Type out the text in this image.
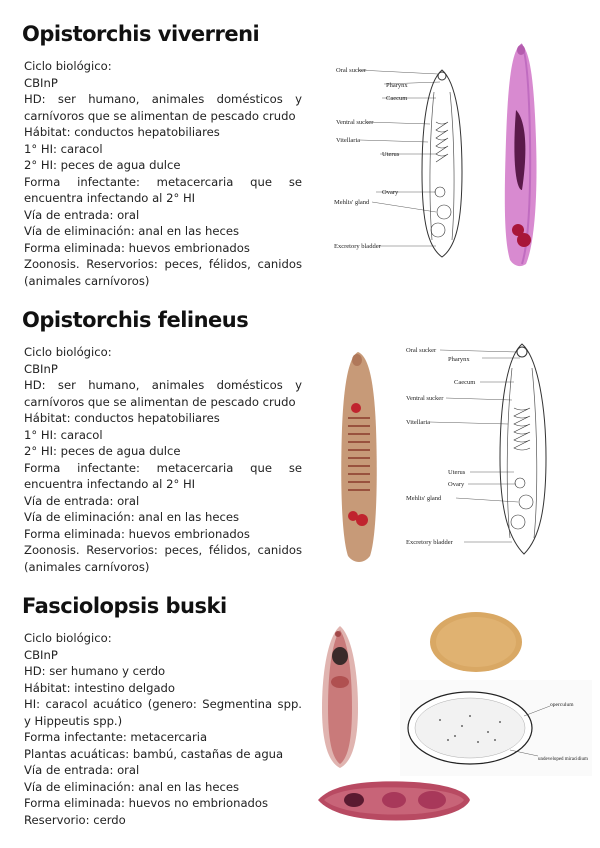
Opistorchis viverreni
Ciclo biológico:
CBInP
HD: ser humano, animales domésticos y carnívoros que se alimentan de pescado crudo
Hábitat: conductos hepatobiliares
1° HI: caracol
2° HI: peces de agua dulce
Forma infectante: metacercaria que se encuentra infectando al 2° HI
Vía de entrada: oral
Vía de eliminación: anal en las heces
Forma eliminada: huevos embrionados
Zoonosis. Reservorios: peces, félidos, canidos (animales carnívoros)
Oral sucker
Pharynx
Caecum
Ventral sucker
Vitellaria
Uterus
Ovary
Mehlis' gland
Excretory bladder
Opistorchis felineus
Ciclo biológico:
CBInP
HD: ser humano, animales domésticos y carnívoros que se alimentan de pescado crudo
Hábitat: conductos hepatobiliares
1° HI: caracol
2° HI: peces de agua dulce
Forma infectante: metacercaria que se encuentra infectando al 2° HI
Vía de entrada: oral
Vía de eliminación: anal en las heces
Forma eliminada: huevos embrionados
Zoonosis. Reservorios: peces, félidos, canidos (animales carnívoros)
Oral sucker
Pharynx
Caecum
Ventral sucker
Vitellaria
Uterus
Ovary
Mehlis' gland
Excretory bladder
Fasciolopsis buski
Ciclo biológico:
CBInP
HD: ser humano y cerdo
Hábitat: intestino delgado
HI: caracol acuático (genero: Segmentina spp. y Hippeutis spp.)
Forma infectante: metacercaria
Plantas acuáticas: bambú, castañas de agua
Vía de entrada: oral
Vía de eliminación: anal en las heces
Forma eliminada: huevos no embrionados
Reservorio: cerdo
operculum
undeveloped miracidium
